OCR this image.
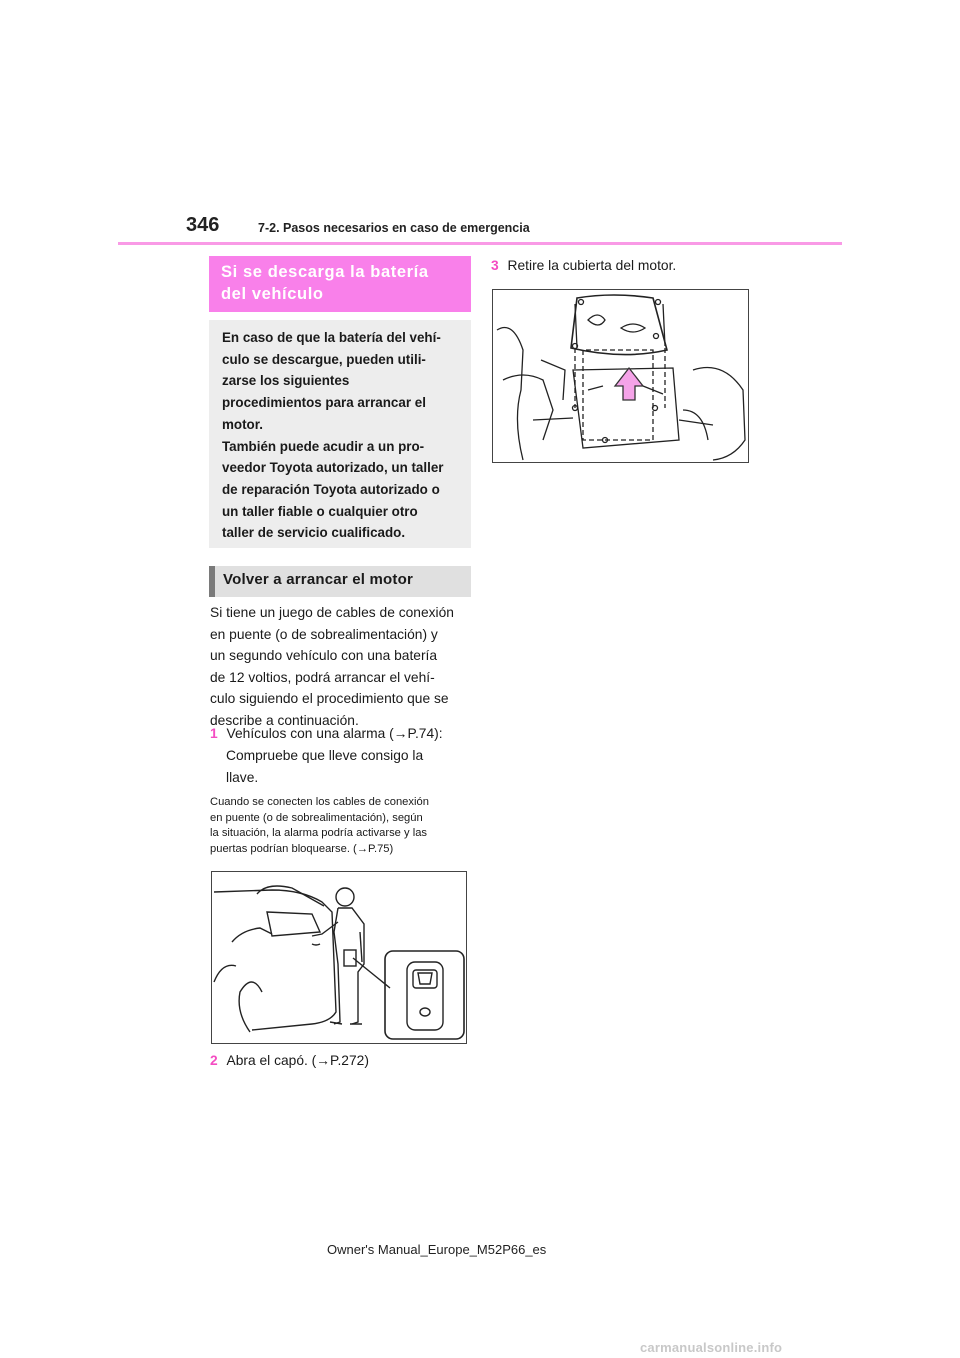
346	7-2. Pasos necesarios en caso de emergencia
Si se descarga la batería
del vehículo
En caso de que la batería del vehí-
culo se descargue, pueden utili-
zarse los siguientes
procedimientos para arrancar el
motor.
También puede acudir a un pro-
veedor Toyota autorizado, un taller
de reparación Toyota autorizado o
un taller fiable o cualquier otro
taller de servicio cualificado.
Volver a arrancar el motor
Si tiene un juego de cables de conexión
en puente (o de sobrealimentación) y
un segundo vehículo con una batería
de 12 voltios, podrá arrancar el vehí-
culo siguiendo el procedimiento que se
describe a continuación.
1 Vehículos con una alarma (→P.74):
Compruebe que lleve consigo la
llave.
Cuando se conecten los cables de conexión
en puente (o de sobrealimentación), según
la situación, la alarma podría activarse y las
puertas podrían bloquearse. (→P.75)
2 Abra el capó. (→P.272)
3 Retire la cubierta del motor.
Owner's Manual_Europe_M52P66_es
carmanualsonline.info
